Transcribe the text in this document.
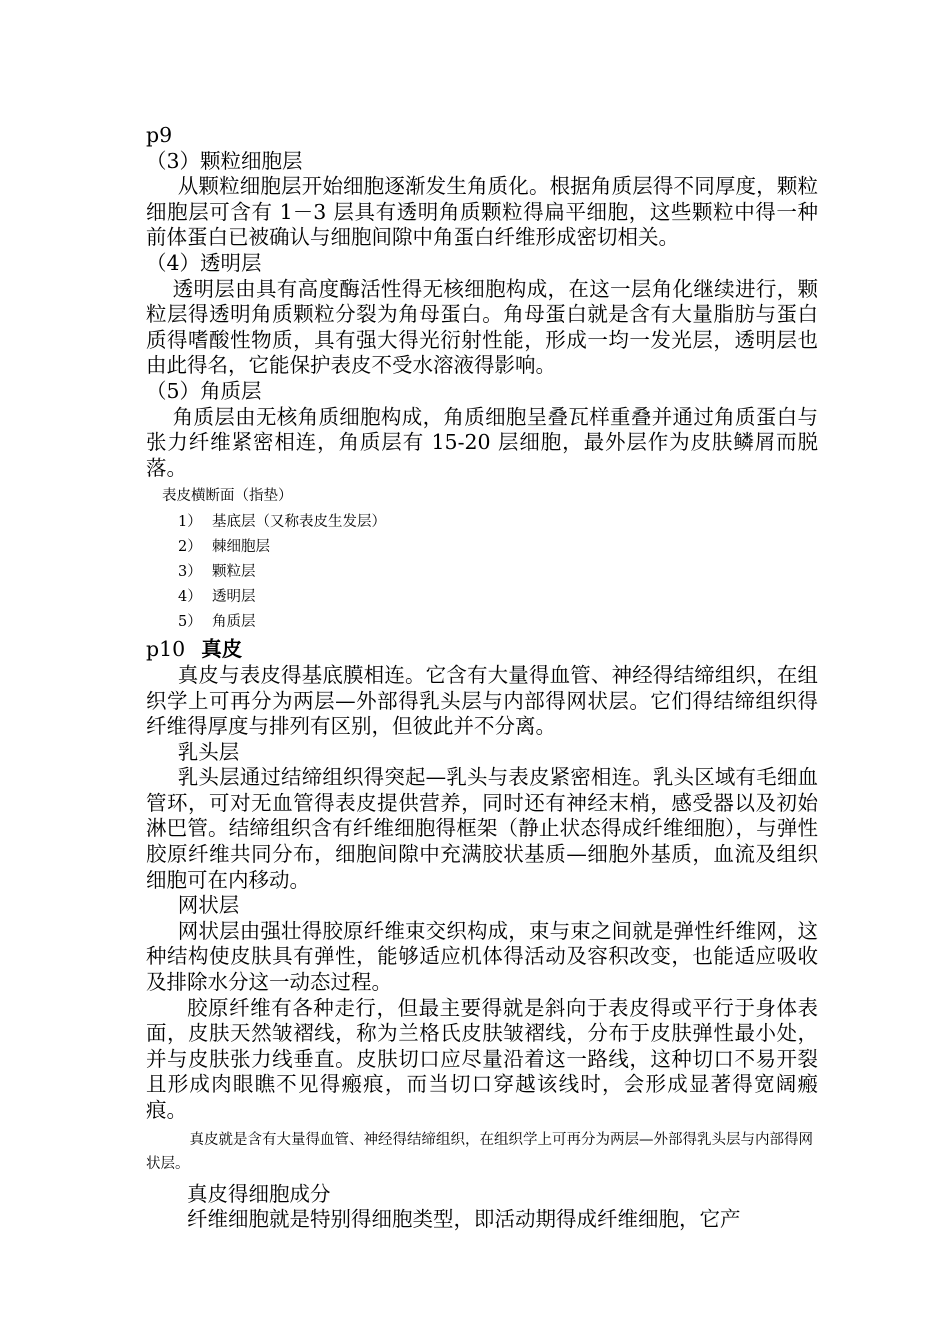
p9

（3）颗粒细胞层

从颗粒细胞层开始细胞逐渐发生角质化。根据角质层得不同厚度，颗粒细胞层可含有 1－3 层具有透明角质颗粒得扁平细胞，这些颗粒中得一种前体蛋白已被确认与细胞间隙中角蛋白纤维形成密切相关。

（4）透明层

透明层由具有高度酶活性得无核细胞构成，在这一层角化继续进行，颗粒层得透明角质颗粒分裂为角母蛋白。角母蛋白就是含有大量脂肪与蛋白质得嗜酸性物质，具有强大得光衍射性能，形成一均一发光层，透明层也由此得名，它能保护表皮不受水溶液得影响。

（5）角质层

角质层由无核角质细胞构成，角质细胞呈叠瓦样重叠并通过角质蛋白与张力纤维紧密相连，角质层有 15-20 层细胞，最外层作为皮肤鳞屑而脱落。

表皮横断面（指垫）

1） 基底层（又称表皮生发层）

2） 棘细胞层

3） 颗粒层

4） 透明层

5） 角质层

p10 真皮

真皮与表皮得基底膜相连。它含有大量得血管、神经得结缔组织，在组织学上可再分为两层—外部得乳头层与内部得网状层。它们得结缔组织得纤维得厚度与排列有区别，但彼此并不分离。

乳头层

乳头层通过结缔组织得突起—乳头与表皮紧密相连。乳头区域有毛细血管环，可对无血管得表皮提供营养，同时还有神经末梢，感受器以及初始淋巴管。结缔组织含有纤维细胞得框架（静止状态得成纤维细胞），与弹性胶原纤维共同分布，细胞间隙中充满胶状基质—细胞外基质，血流及组织细胞可在内移动。

网状层

网状层由强壮得胶原纤维束交织构成，束与束之间就是弹性纤维网，这种结构使皮肤具有弹性，能够适应机体得活动及容积改变，也能适应吸收及排除水分这一动态过程。

胶原纤维有各种走行，但最主要得就是斜向于表皮得或平行于身体表面，皮肤天然皱褶线，称为兰格氏皮肤皱褶线，分布于皮肤弹性最小处，并与皮肤张力线垂直。皮肤切口应尽量沿着这一路线，这种切口不易开裂且形成肉眼瞧不见得瘢痕，而当切口穿越该线时，会形成显著得宽阔瘢痕。

真皮就是含有大量得血管、神经得结缔组织，在组织学上可再分为两层—外部得乳头层与内部得网状层。

真皮得细胞成分

纤维细胞就是特别得细胞类型，即活动期得成纤维细胞，它产
